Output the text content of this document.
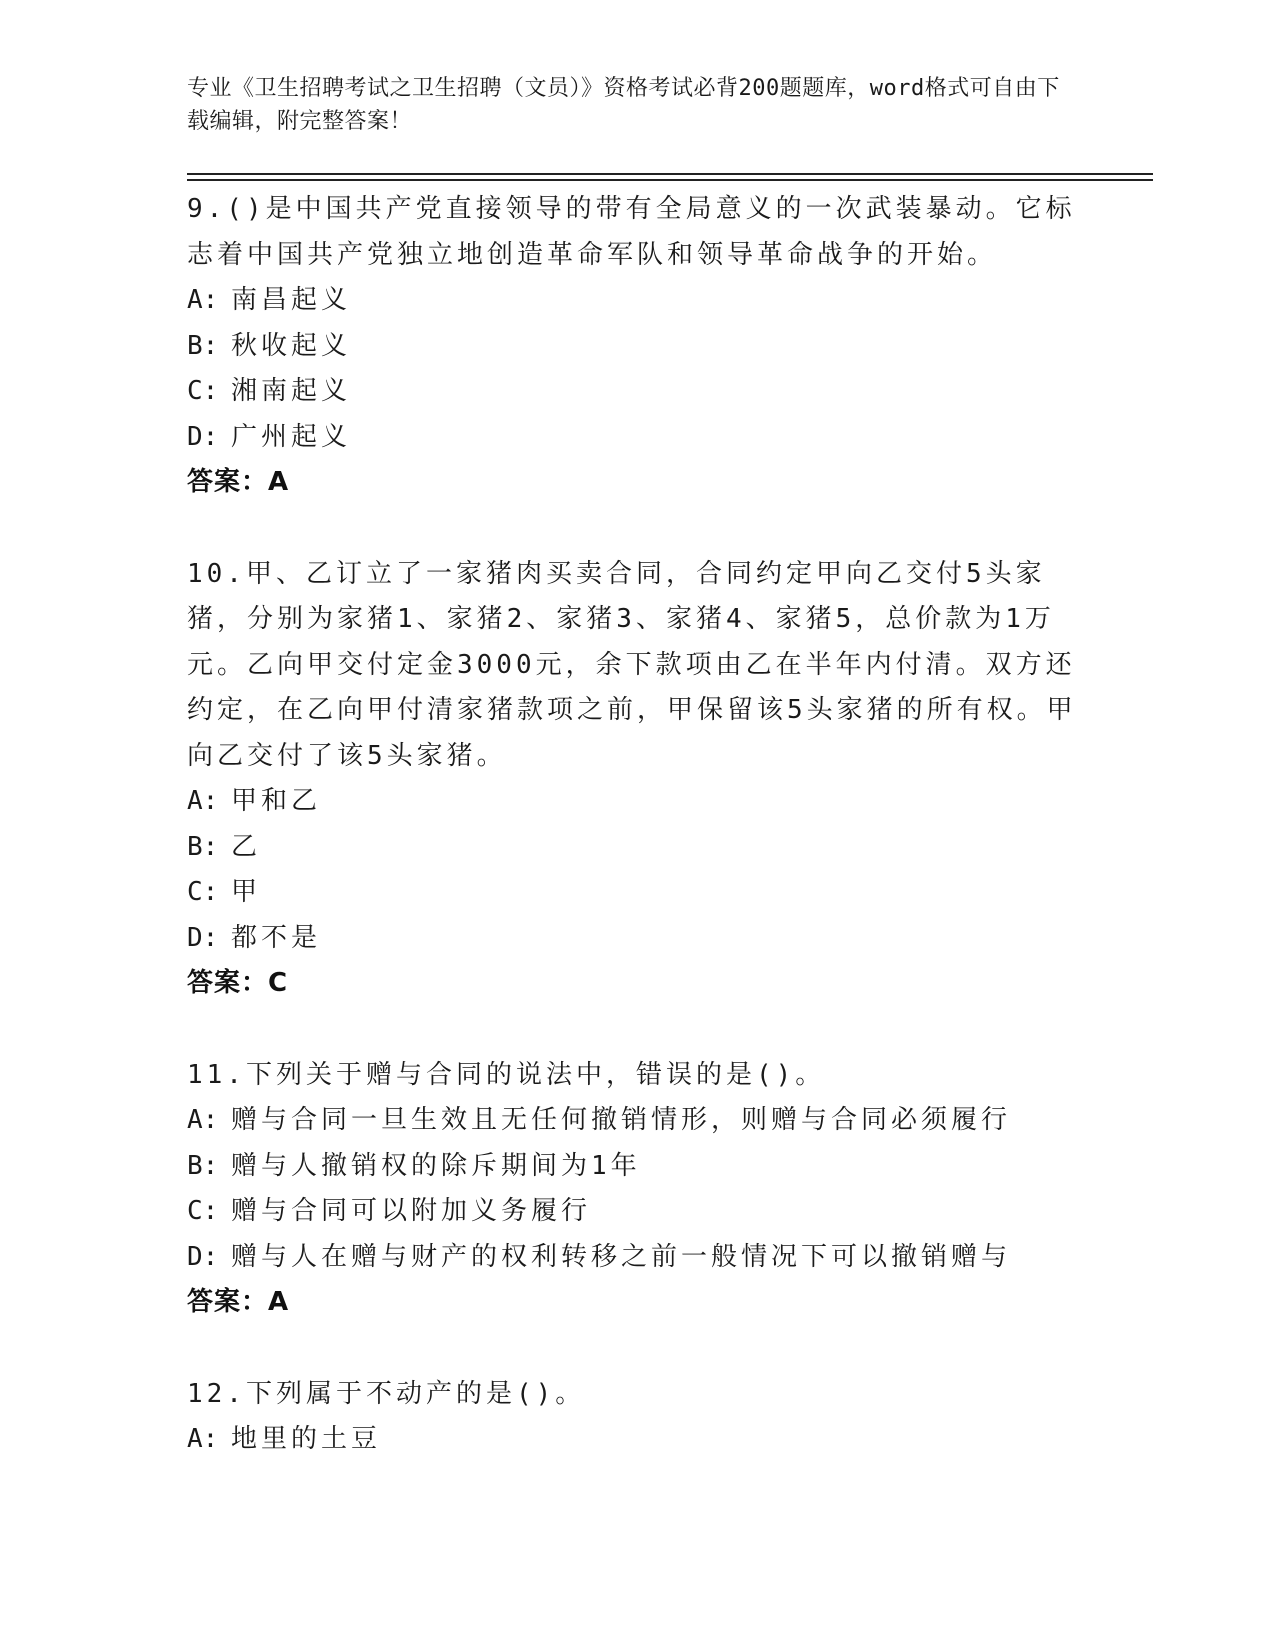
专业《卫生招聘考试之卫生招聘（文员）》资格考试必背200题题库，word格式可自由下载编辑，附完整答案！
9.()是中国共产党直接领导的带有全局意义的一次武装暴动。它标志着中国共产党独立地创造革命军队和领导革命战争的开始。
A: 南昌起义
B: 秋收起义
C: 湘南起义
D: 广州起义
答案：A
10.甲、乙订立了一家猪肉买卖合同，合同约定甲向乙交付5头家猪，分别为家猪1、家猪2、家猪3、家猪4、家猪5，总价款为1万元。乙向甲交付定金3000元，余下款项由乙在半年内付清。双方还约定，在乙向甲付清家猪款项之前，甲保留该5头家猪的所有权。甲向乙交付了该5头家猪。
A: 甲和乙
B: 乙
C: 甲
D: 都不是
答案：C
11.下列关于赠与合同的说法中，错误的是()。
A: 赠与合同一旦生效且无任何撤销情形，则赠与合同必须履行
B: 赠与人撤销权的除斥期间为1年
C: 赠与合同可以附加义务履行
D: 赠与人在赠与财产的权利转移之前一般情况下可以撤销赠与
答案：A
12.下列属于不动产的是()。
A: 地里的土豆
